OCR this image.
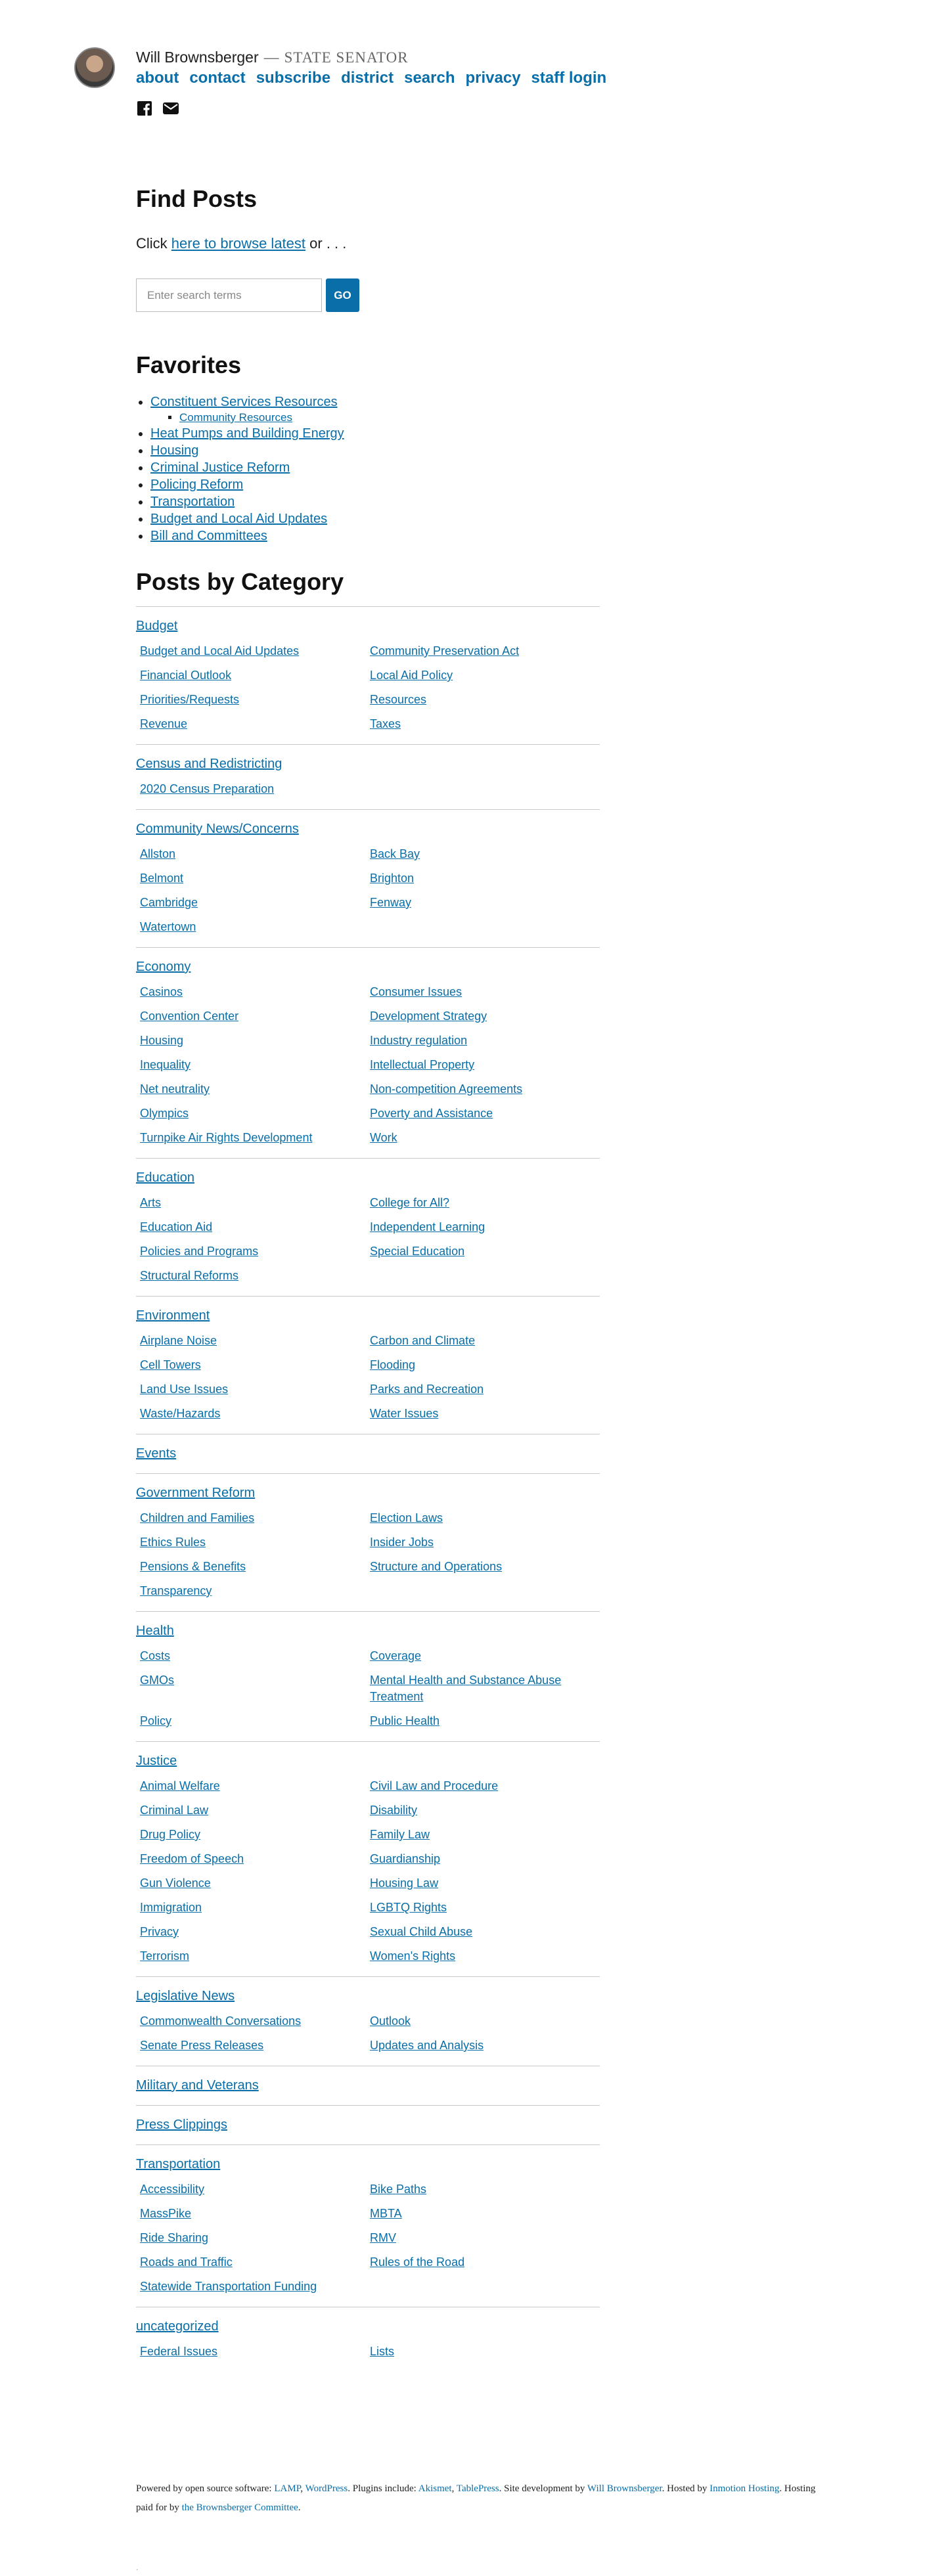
Will Brownsberger — STATE SENATOR
about contact subscribe district search privacy staff login
Find Posts
Click here to browse latest or . . .
Enter search terms
GO
Favorites
• Constituent Services Resources
▪ Community Resources
• Heat Pumps and Building Energy
• Housing
• Criminal Justice Reform
• Policing Reform
• Transportation
• Budget and Local Aid Updates
• Bill and Committees
Posts by Category
Budget
Budget and Local Aid Updates	Community Preservation Act
Financial Outlook	Local Aid Policy
Priorities/Requests	Resources
Revenue	Taxes
Census and Redistricting
2020 Census Preparation
Community News/Concerns
Allston	Back Bay
Belmont	Brighton
Cambridge	Fenway
Watertown
Economy
Casinos	Consumer Issues
Convention Center	Development Strategy
Housing	Industry regulation
Inequality	Intellectual Property
Net neutrality	Non-competition Agreements
Olympics	Poverty and Assistance
Turnpike Air Rights Development	Work
Education
Arts	College for All?
Education Aid	Independent Learning
Policies and Programs	Special Education
Structural Reforms
Environment
Airplane Noise	Carbon and Climate
Cell Towers	Flooding
Land Use Issues	Parks and Recreation
Waste/Hazards	Water Issues
Events
Government Reform
Children and Families	Election Laws
Ethics Rules	Insider Jobs
Pensions & Benefits	Structure and Operations
Transparency
Health
Costs	Coverage
GMOs	Mental Health and Substance Abuse Treatment
Policy	Public Health
Justice
Animal Welfare	Civil Law and Procedure
Criminal Law	Disability
Drug Policy	Family Law
Freedom of Speech	Guardianship
Gun Violence	Housing Law
Immigration	LGBTQ Rights
Privacy	Sexual Child Abuse
Terrorism	Women's Rights
Legislative News
Commonwealth Conversations	Outlook
Senate Press Releases	Updates and Analysis
Military and Veterans
Press Clippings
Transportation
Accessibility	Bike Paths
MassPike	MBTA
Ride Sharing	RMV
Roads and Traffic	Rules of the Road
Statewide Transportation Funding
uncategorized
Federal Issues	Lists
Powered by open source software: LAMP, WordPress. Plugins include: Akismet, TablePress. Site development by Will Brownsberger. Hosted by Inmotion Hosting. Hosting paid for by the Brownsberger Committee.
.
